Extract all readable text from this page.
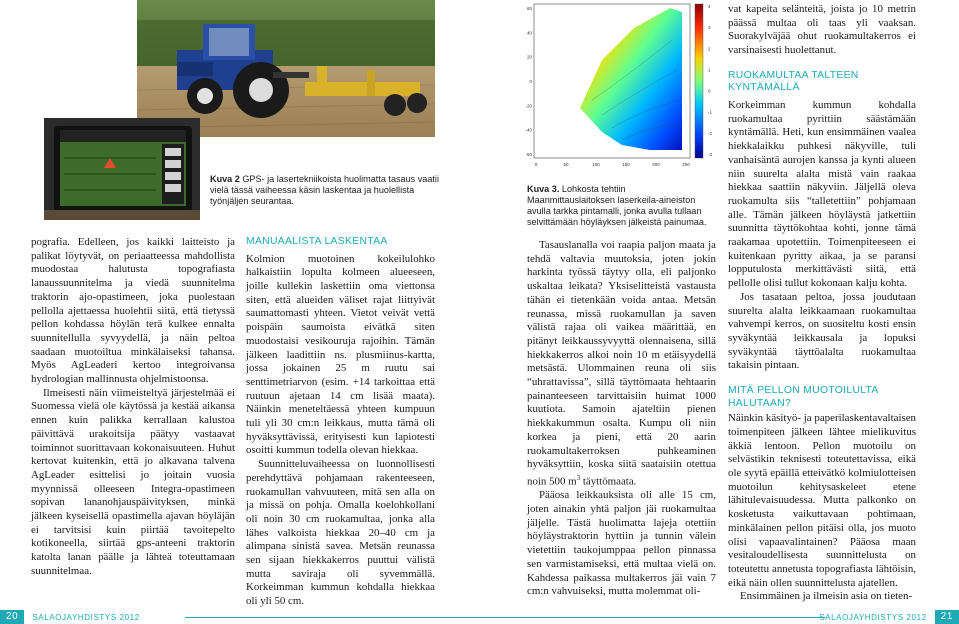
Kuva 2 GPS- ja lasertekniikoista huolimatta tasaus vaatii vielä tässä vaiheessa käsin laskentaa ja huolellista työnjäljen seurantaa.
60
40
20
0
-20
-40
-60
0	50	100	150	200	250
4
3
2
1
0
-1
-2
-3
Kuva 3. Lohkosta tehtiin Maanmittauslaitoksen laserkeila-aineiston avulla tarkka pintamalli, jonka avulla tullaan selvittämään höyläyksen jälkeistä painumaa.

pografia. Edelleen, jos kaikki laitteisto ja palikat löytyvät, on periaatteessa mahdollista muodostaa halutusta topografiasta lanaussuunnitelma ja viedä suunnitelma traktorin ajo-opastimeen, joka puolestaan pellolla ajettaessa huolehtii siitä, että tietyssä pellon kohdassa höylän terä kulkee ennalta suunnitellulla syvyydellä, ja näin peltoa saadaan muotoiltua minkälaiseksi tahansa. Myös AgLeaderi kertoo integroivansa hydrologian mallinnusta ohjelmistoonsa.

Ilmeisesti näin viimeisteltyä järjestelmää ei Suomessa vielä ole käytössä ja kestää aikansa ennen kuin palikka kerrallaan kalustoa päivittävä urakoitsija päätyy vastaavat toiminnot suorittavaan kokonaisuuteen. Huhut kertovat kuitenkin, että jo alkavana talvena AgLeader esittelisi jo joitain vuosia myynnissä olleeseen Integra-opastimeen sopivan lananohjauspäivityksen, minkä jälkeen kyseisellä opastimella ajavan höyläjän ei tarvitsisi kuin piirtää tavoitepelto kotikoneella, siirtää gps-anteeni traktorin katolta lanan päälle ja lähteä toteuttamaan suunnitelmaa.

MANUAALISTA LASKENTAA

Kolmion muotoinen kokeilulohko halkaistiin lopulta kolmeen alueeseen, joille kullekin laskettiin oma viettonsa siten, että alueiden väliset rajat liittyivät saumattomasti yhteen. Vietot veivät vettä poispäin saumoista eivätkä siten muodostaisi vesikouruja rajoihin. Tämän jälkeen laadittiin ns. plusmiinus-kartta, jossa jokainen 25 m ruutu sai senttimetriarvon (esim. +14 tarkoittaa että ruutuun ajetaan 14 cm lisää maata). Näinkin meneteltäessä yhteen kumpuun tuli yli 30 cm:n leikkaus, mutta tämä oli hyväksyttävissä, erityisesti kun lapiotesti osoitti kummun todella olevan hiekkaa.

Suunnitteluvaiheessa on luonnollisesti perehdyttävä pohjamaan rakenteeseen, ruokamullan vahvuuteen, mitä sen alla on ja missä on pohja. Omalla koelohkollani oli noin 30 cm ruokamultaa, jonka alla lähes valkoista hiekkaa 20–40 cm ja alimpana sinistä savea. Metsän reunassa sen sijaan hiekkakerros puuttui välistä mutta saviraja oli syvemmällä. Korkeimman kummun kohdalla hiekkaa oli yli 50 cm.

Tasauslanalla voi raapia paljon maata ja tehdä valtavia muutoksia, joten jokin harkinta työssä täytyy olla, eli paljonko uskaltaa leikata? Yksiselitteistä vastausta tähän ei tietenkään voida antaa. Metsän reunassa, missä ruokamullan ja saven välistä rajaa oli vaikea määrittää, en pitänyt leikkaussyvyyttä olennaisena, sillä hiekkakerros alkoi noin 10 m etäisyydellä metsästä. Ulommainen reuna oli siis “uhrattavissa”, sillä täyttömaata hehtaarin painanteeseen tarvittaisiin huimat 1000 kuutiota. Samoin ajateltiin pienen hiekkakummun osalta. Kumpu oli niin korkea ja pieni, että 20 aarin ruokamultakerroksen puhkeaminen hyväksyttiin, koska siitä saataisiin otettua noin 500 $m^3$ täyttömaata.

Pääosa leikkauksista oli alle 15 cm, joten ainakin yhtä paljon jäi ruokamultaa jäljelle. Tästä huolimatta lajeja otettiin höyläystraktorin hyttiin ja tunnin välein vietettiin taukojumppaa pellon pinnassa sen varmistamiseksi, että multaa vielä on. Kahdessa paikassa multakerros jäi vain 7 cm:n vahvuiseksi, mutta molemmat oli-

vat kapeita selänteitä, joista jo 10 metrin päässä multaa oli taas yli vaaksan. Suorakylväjää ohut ruokamultakerros ei varsinaisesti huolettanut.

RUOKAMULTAA TALTEEN
KYNTÄMÄLLÄ

Korkeimman kummun kohdalla ruokamultaa pyrittiin säästämään kyntämällä. Heti, kun ensimmäinen vaalea hiekkalaikku puhkesi näkyville, tuli vanhaisäntä aurojen kanssa ja kynti alueen niin suurelta alalta mistä vain raakaa hiekkaa saattiin näkyviin. Jäljellä oleva ruokamulta siis “talletettiin” pohjamaan alle. Tämän jälkeen höyläystä jatkettiin suunnitta täyttökohtaa kohti, jonne tämä raakamaa upotettiin. Toimenpiteeseen ei kuitenkaan pyritty aikaa, ja se paransi lopputulosta merkittävästi siitä, että pellolle olisi tullut kokonaan kalju kohta.

Jos tasataan peltoa, jossa joudutaan suurelta alalta leikkaamaan ruokamultaa vahvempi kerros, on suositeltu kosti ensin syväkyntää leikkausala ja lopuksi syväkyntää täyttöalalta ruokamultaa takaisin pintaan.

MITÄ PELLON MUOTOILULTA
HALUTAAN?

Näinkin käsityö- ja paperilaskentavaltaisen toimenpiteen jälkeen lähtee mielikuvitus äkkiä lentoon. Pellon muotoilu on selvästikin teknisesti toteutettavissa, eikä ole syytä epäillä etteivätkö kolmiulotteisen muotoilun kehitysaskeleet etene lähitulevaisuudessa. Mutta palkonko on kosketusta vaikuttavaan pohtimaan, minkälainen pellon pitäisi olla, jos muoto olisi vapaavalintainen? Pääosa maan vesitaloudellisesta suunnittelusta on toteutettu annetusta topografiasta lähtöisin, eikä näin ollen suunnittelusta ajatellen.

Ensimmäinen ja ilmeisin asia on tieten-

20 SALAOJAYHDISTYS 2012	SALAOJAYHDISTYS 2012 21
